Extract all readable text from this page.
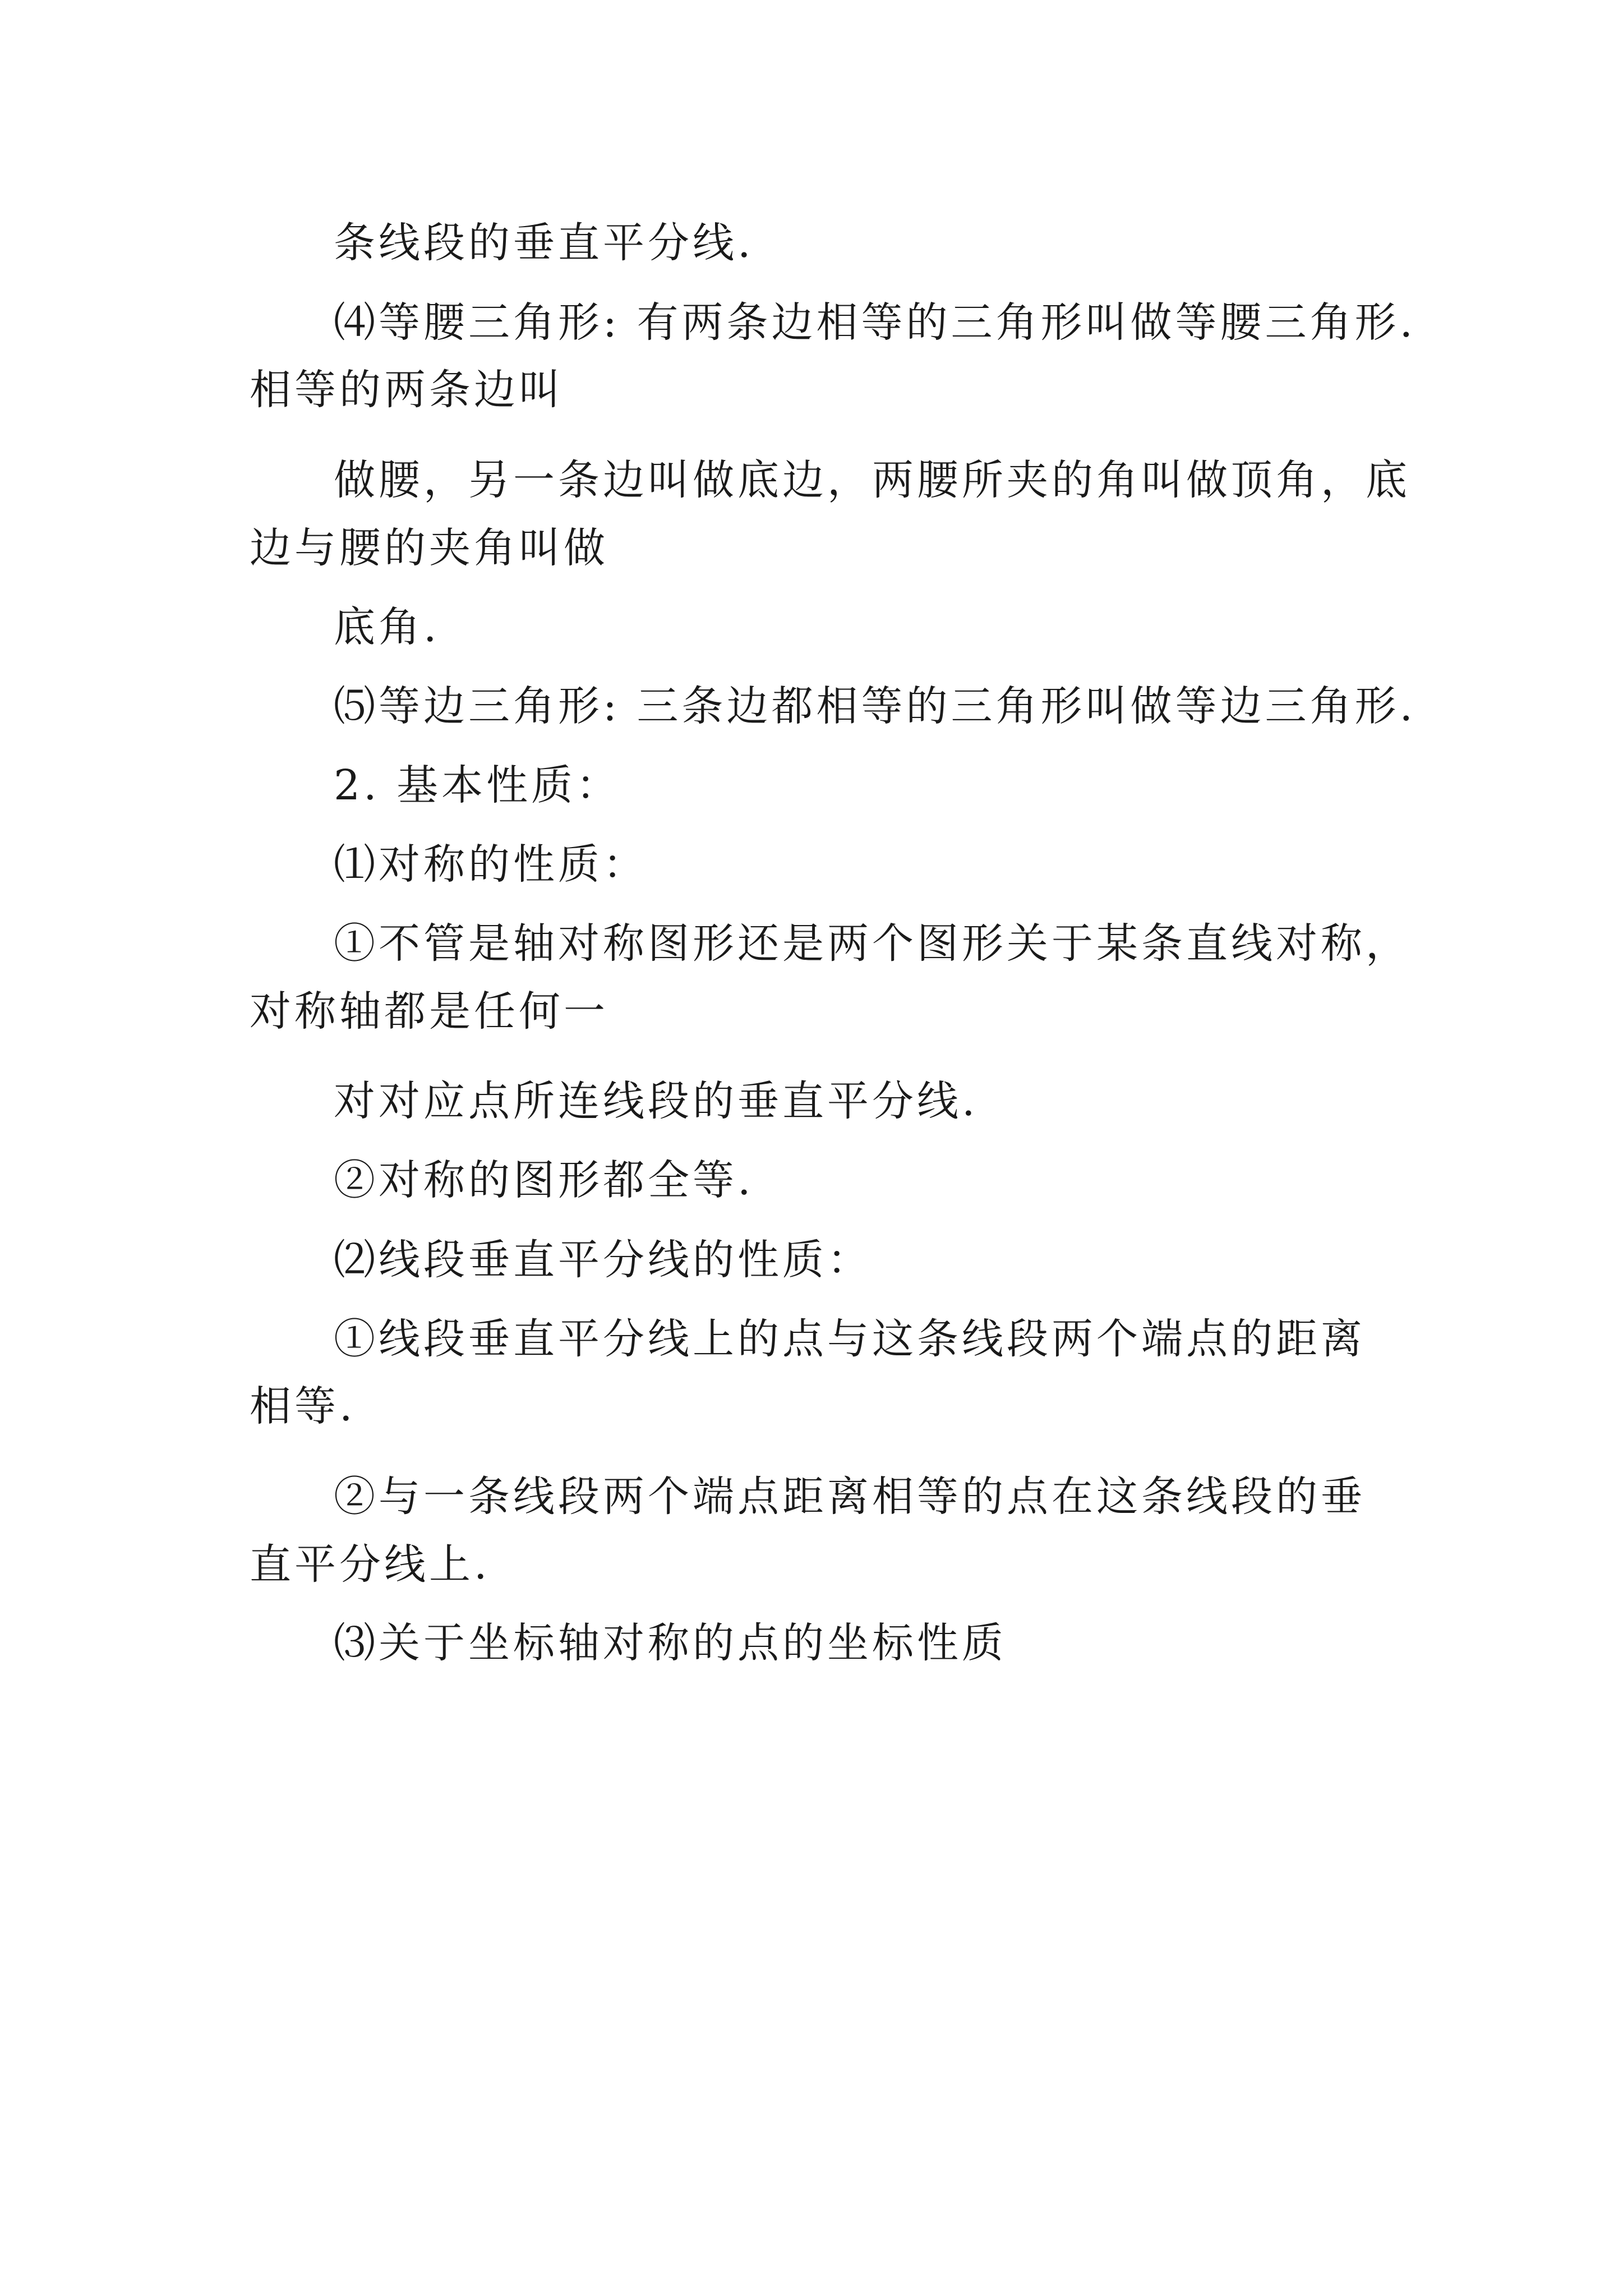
条线段的垂直平分线.
⑷等腰三角形: 有两条边相等的三角形叫做等腰三角形.
相等的两条边叫
做腰，另一条边叫做底边，两腰所夹的角叫做顶角，底
边与腰的夹角叫做
底角.
⑸等边三角形: 三条边都相等的三角形叫做等边三角形.
2. 基本性质：
⑴对称的性质：
①不管是轴对称图形还是两个图形关于某条直线对称，
对称轴都是任何一
对对应点所连线段的垂直平分线.
②对称的图形都全等.
⑵线段垂直平分线的性质：
①线段垂直平分线上的点与这条线段两个端点的距离
相等.
②与一条线段两个端点距离相等的点在这条线段的垂
直平分线上.
⑶关于坐标轴对称的点的坐标性质
